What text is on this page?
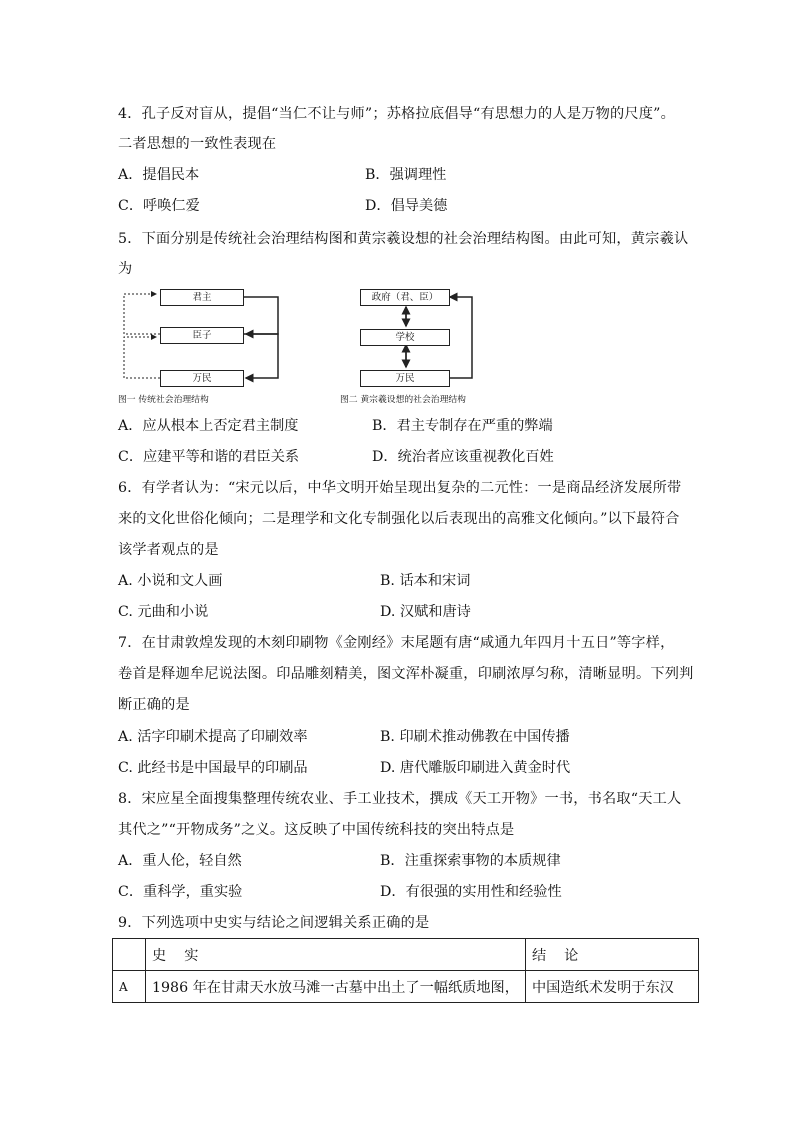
4．孔子反对盲从，提倡“当仁不让与师”；苏格拉底倡导“有思想力的人是万物的尺度”。
二者思想的一致性表现在
A．提倡民本	B．强调理性
C．呼唤仁爱	D．倡导美德
5．下面分别是传统社会治理结构图和黄宗羲设想的社会治理结构图。由此可知，黄宗羲认
为
君主
臣子
万民
图一 传统社会治理结构
政府（君、臣）
学校
万民
图二 黄宗羲设想的社会治理结构
A．应从根本上否定君主制度	B．君主专制存在严重的弊端
C．应建平等和谐的君臣关系	D．统治者应该重视教化百姓
6．有学者认为：“宋元以后，中华文明开始呈现出复杂的二元性：一是商品经济发展所带
来的文化世俗化倾向；二是理学和文化专制强化以后表现出的高雅文化倾向。”以下最符合
该学者观点的是
A. 小说和文人画	B. 话本和宋词
C. 元曲和小说	D. 汉赋和唐诗
7．在甘肃敦煌发现的木刻印刷物《金刚经》末尾题有唐“咸通九年四月十五日”等字样，
卷首是释迦牟尼说法图。印品雕刻精美，图文浑朴凝重，印刷浓厚匀称，清晰显明。下列判
断正确的是
A. 活字印刷术提高了印刷效率	B. 印刷术推动佛教在中国传播
C. 此经书是中国最早的印刷品	D. 唐代雕版印刷进入黄金时代
8．宋应星全面搜集整理传统农业、手工业技术，撰成《天工开物》一书，书名取“天工人
其代之”“开物成务”之义。这反映了中国传统科技的突出特点是
A．重人伦，轻自然	B．注重探索事物的本质规律
C．重科学，重实验	D．有很强的实用性和经验性
9．下列选项中史实与结论之间逻辑关系正确的是
	史    实	结    论
A	1986 年在甘肃天水放马滩一古墓中出土了一幅纸质地图，	中国造纸术发明于东汉
